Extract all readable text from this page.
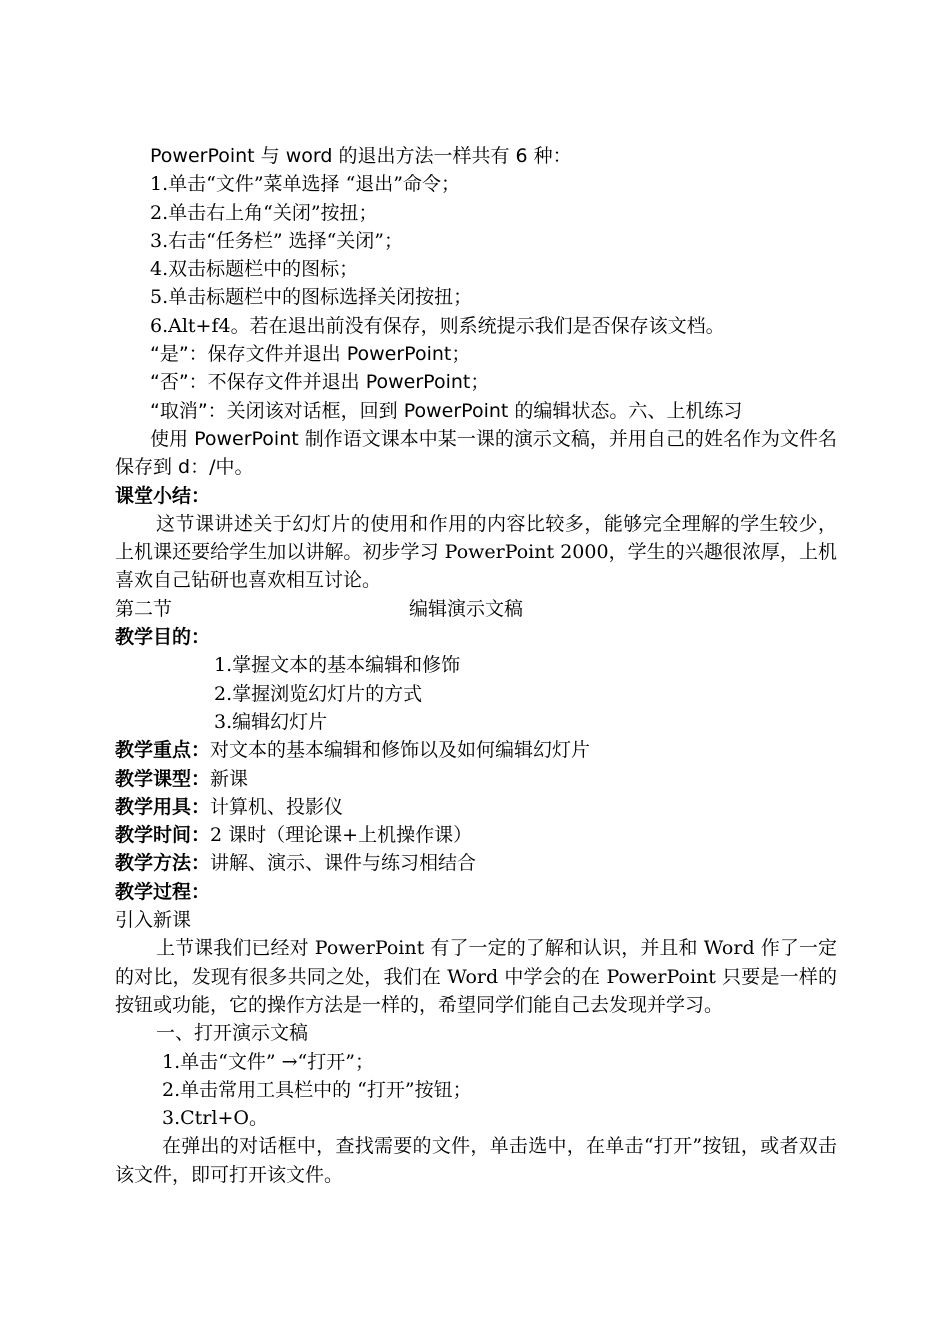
PowerPoint 与 word 的退出方法一样共有 6 种：
1.单击“文件”菜单选择 “退出”命令；
2.单击右上角“关闭”按扭；
3.右击“任务栏” 选择“关闭”；
4.双击标题栏中的图标；
5.单击标题栏中的图标选择关闭按扭；
6.Alt+f4。若在退出前没有保存，则系统提示我们是否保存该文档。
“是”：保存文件并退出 PowerPoint；
“否”：不保存文件并退出 PowerPoint；
“取消”：关闭该对话框，回到 PowerPoint 的编辑状态。六、上机练习
使用 PowerPoint 制作语文课本中某一课的演示文稿，并用自己的姓名作为文件名保存到 d：/中。
课堂小结：
这节课讲述关于幻灯片的使用和作用的内容比较多，能够完全理解的学生较少，上机课还要给学生加以讲解。初步学习 PowerPoint 2000，学生的兴趣很浓厚，上机喜欢自己钻研也喜欢相互讨论。
第二节	编辑演示文稿
教学目的：
1.掌握文本的基本编辑和修饰
2.掌握浏览幻灯片的方式
3.编辑幻灯片
教学重点：对文本的基本编辑和修饰以及如何编辑幻灯片
教学课型：新课
教学用具：计算机、投影仪
教学时间：2 课时（理论课+上机操作课）
教学方法：讲解、演示、课件与练习相结合
教学过程：
引入新课
上节课我们已经对 PowerPoint 有了一定的了解和认识，并且和 Word 作了一定的对比，发现有很多共同之处，我们在 Word 中学会的在 PowerPoint 只要是一样的按钮或功能，它的操作方法是一样的，希望同学们能自己去发现并学习。
一、打开演示文稿
1.单击“文件” →“打开”；
2.单击常用工具栏中的 “打开”按钮；
3.Ctrl+O。
在弹出的对话框中，查找需要的文件，单击选中，在单击“打开”按钮，或者双击该文件，即可打开该文件。
